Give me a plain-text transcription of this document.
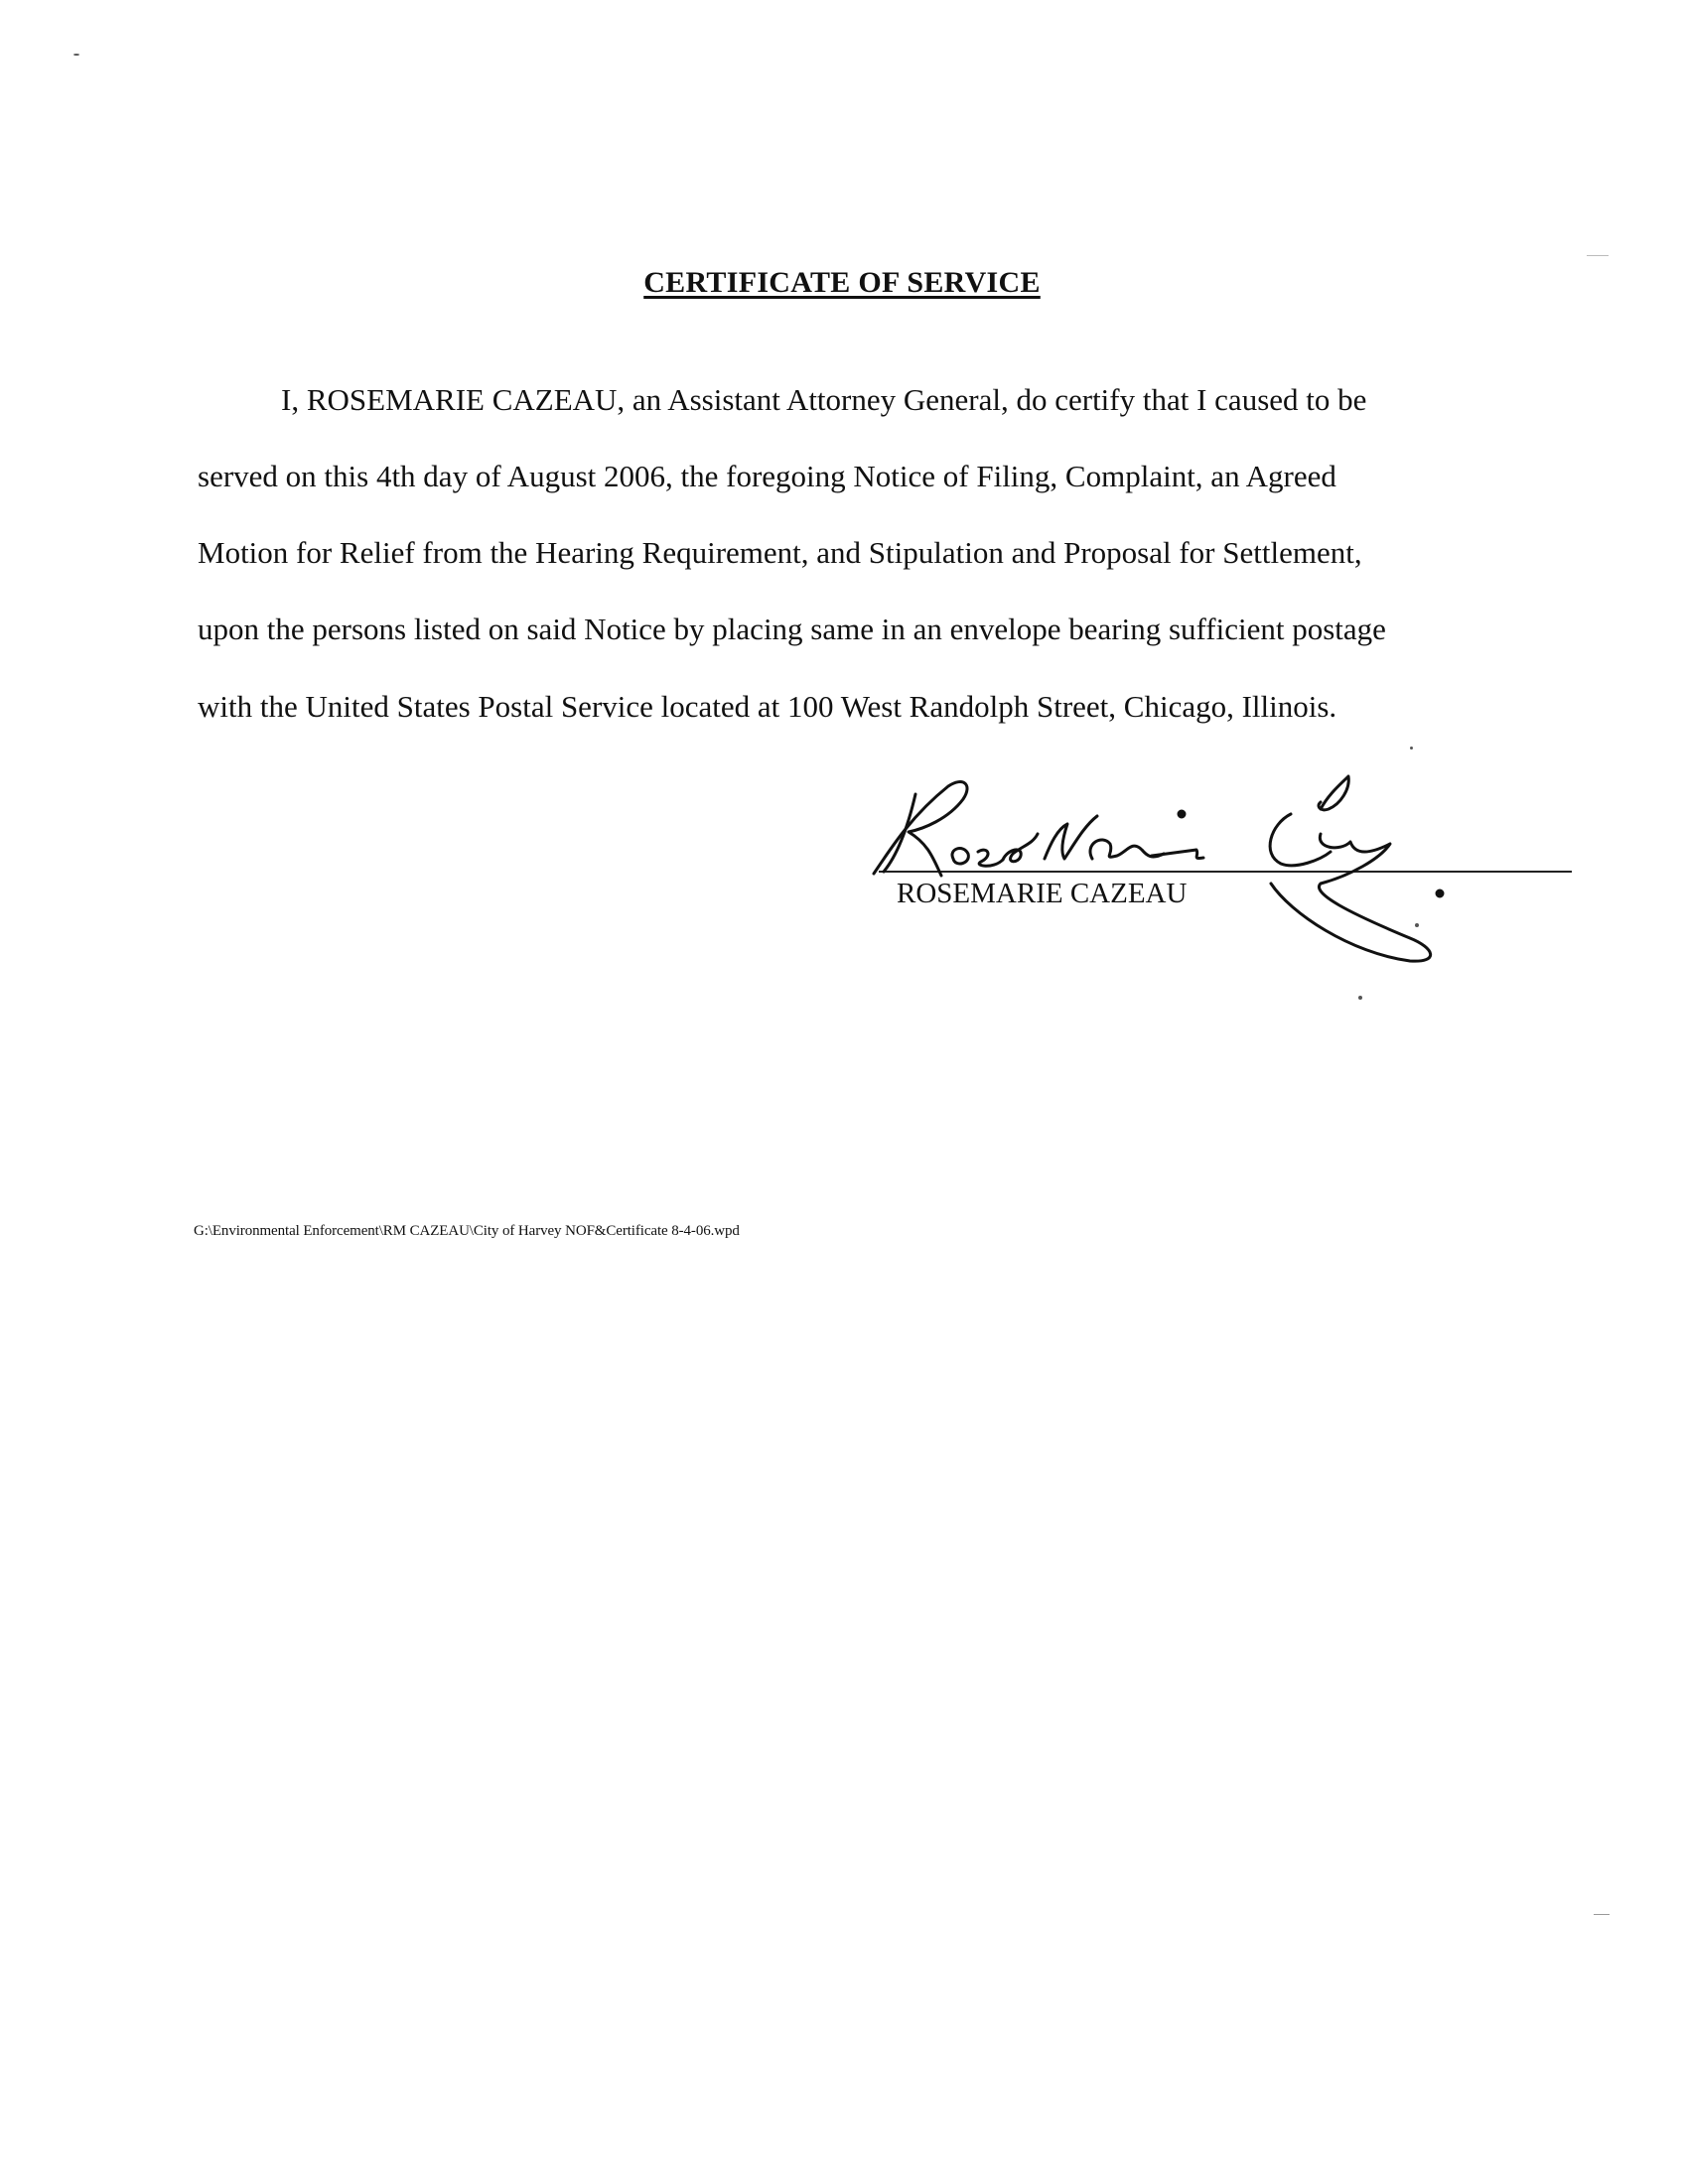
CERTIFICATE OF SERVICE
I, ROSEMARIE CAZEAU, an Assistant Attorney General, do certify that I caused to be
served on this 4th day of August 2006, the foregoing Notice of Filing, Complaint, an Agreed
Motion for Relief from the Hearing Requirement, and Stipulation and Proposal for Settlement,
upon the persons listed on said Notice by placing same in an envelope bearing sufficient postage
with the United States Postal Service located at 100 West Randolph Street, Chicago, Illinois.
ROSEMARIE CAZEAU
G:\Environmental Enforcement\RM CAZEAU\City of Harvey NOF&Certificate 8-4-06.wpd
